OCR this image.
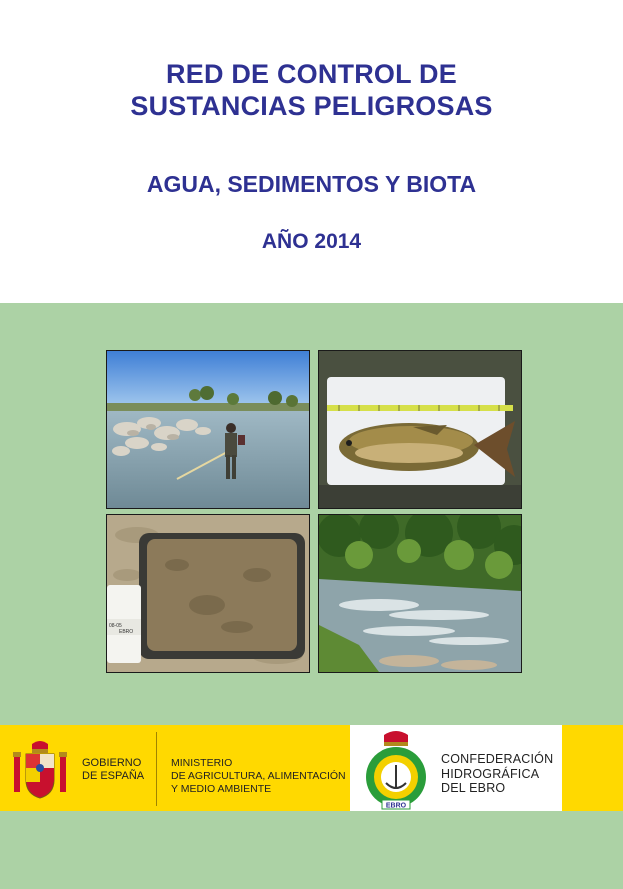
RED DE CONTROL DE
SUSTANCIAS PELIGROSAS
AGUA, SEDIMENTOS Y BIOTA
AÑO 2014
08-05
EBRO
GOBIERNO
DE ESPAÑA
MINISTERIO
DE AGRICULTURA, ALIMENTACIÓN
Y MEDIO AMBIENTE
EBRO
CONFEDERACIÓN
HIDROGRÁFICA
DEL EBRO
